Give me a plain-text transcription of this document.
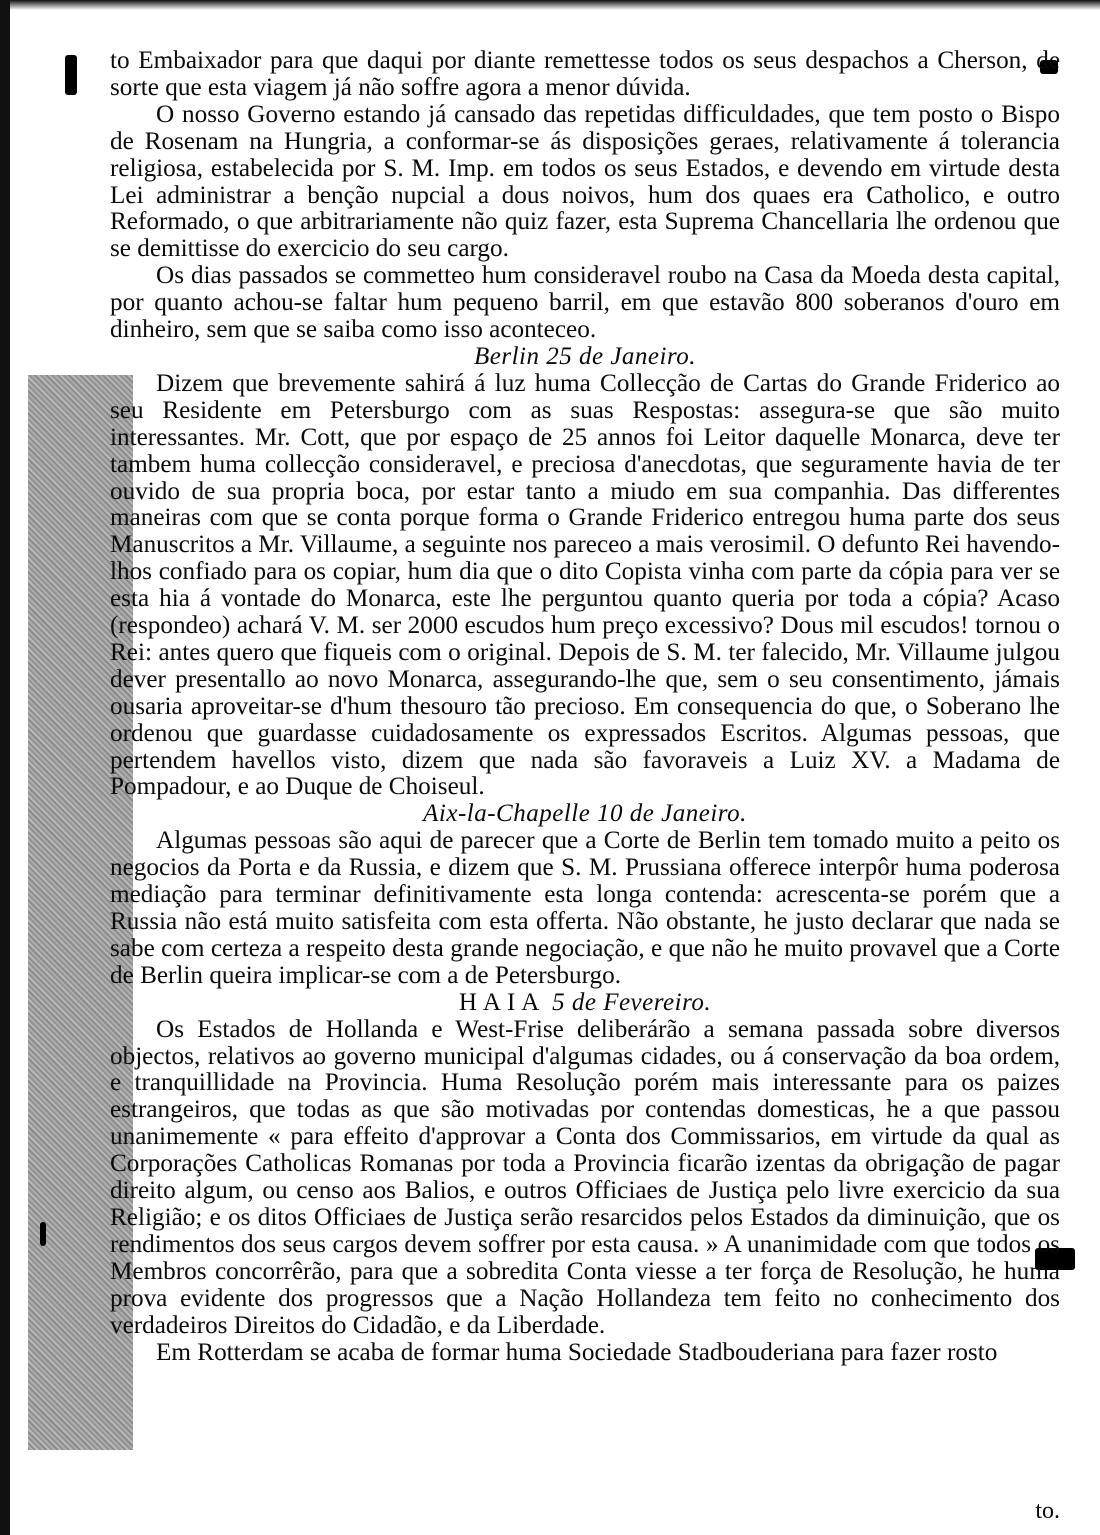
to Embaixador para que daqui por diante remettesse todos os seus despachos a Cherson, de sorte que esta viagem já não soffre agora a menor dúvida.

O nosso Governo estando já cansado das repetidas difficuldades, que tem posto o Bispo de Rosenam na Hungria, a conformar-se ás disposições geraes, relativamente á tolerancia religiosa, estabelecida por S. M. Imp. em todos os seus Estados, e devendo em virtude desta Lei administrar a benção nupcial a dous noivos, hum dos quaes era Catholico, e outro Reformado, o que arbitrariamente não quiz fazer, esta Suprema Chancellaria lhe ordenou que se demittisse do exercicio do seu cargo.

Os dias passados se commetteo hum consideravel roubo na Casa da Moeda desta capital, por quanto achou-se faltar hum pequeno barril, em que estavão 800 soberanos d'ouro em dinheiro, sem que se saiba como isso aconteceo.

Berlin 25 de Janeiro.

Dizem que brevemente sahirá á luz huma Collecção de Cartas do Grande Friderico ao seu Residente em Petersburgo com as suas Respostas: assegura-se que são muito interessantes. Mr. Cott, que por espaço de 25 annos foi Leitor daquelle Monarca, deve ter tambem huma collecção consideravel, e preciosa d'anecdotas, que seguramente havia de ter ouvido de sua propria boca, por estar tanto a miudo em sua companhia. Das differentes maneiras com que se conta porque forma o Grande Friderico entregou huma parte dos seus Manuscritos a Mr. Villaume, a seguinte nos pareceo a mais verosimil. O defunto Rei havendo-lhos confiado para os copiar, hum dia que o dito Copista vinha com parte da cópia para ver se esta hia á vontade do Monarca, este lhe perguntou quanto queria por toda a cópia? Acaso (respondeo) achará V. M. ser 2000 escudos hum preço excessivo? Dous mil escudos! tornou o Rei: antes quero que fiqueis com o original. Depois de S. M. ter falecido, Mr. Villaume julgou dever presentallo ao novo Monarca, assegurando-lhe que, sem o seu consentimento, jámais ousaria aproveitar-se d'hum thesouro tão precioso. Em consequencia do que, o Soberano lhe ordenou que guardasse cuidadosamente os expressados Escritos. Algumas pessoas, que pertendem havellos visto, dizem que nada são favoraveis a Luiz XV. a Madama de Pompadour, e ao Duque de Choiseul.

Aix-la-Chapelle 10 de Janeiro.

Algumas pessoas são aqui de parecer que a Corte de Berlin tem tomado muito a peito os negocios da Porta e da Russia, e dizem que S. M. Prussiana offerece interpôr huma poderosa mediação para terminar definitivamente esta longa contenda: acrescenta-se porém que a Russia não está muito satisfeita com esta offerta. Não obstante, he justo declarar que nada se sabe com certeza a respeito desta grande negociação, e que não he muito provavel que a Corte de Berlin queira implicar-se com a de Petersburgo.

HAIA 5 de Fevereiro.

Os Estados de Hollanda e West-Frise deliberárão a semana passada sobre diversos objectos, relativos ao governo municipal d'algumas cidades, ou á conservação da boa ordem, e tranquillidade na Provincia. Huma Resolução porém mais interessante para os paizes estrangeiros, que todas as que são motivadas por contendas domesticas, he a que passou unanimemente « para effeito d'approvar a Conta dos Commissarios, em virtude da qual as Corporações Catholicas Romanas por toda a Provincia ficarão izentas da obrigação de pagar direito algum, ou censo aos Balios, e outros Officiaes de Justiça pelo livre exercicio da sua Religião; e os ditos Officiaes de Justiça serão resarcidos pelos Estados da diminuição, que os rendimentos dos seus cargos devem soffrer por esta causa. » A unanimidade com que todos os Membros concorrêrão, para que a sobredita Conta viesse a ter força de Resolução, he huma prova evidente dos progressos que a Nação Hollandeza tem feito no conhecimento dos verdadeiros Direitos do Cidadão, e da Liberdade.

Em Rotterdam se acaba de formar huma Sociedade Stadbouderiana para fazer rosto

to.
